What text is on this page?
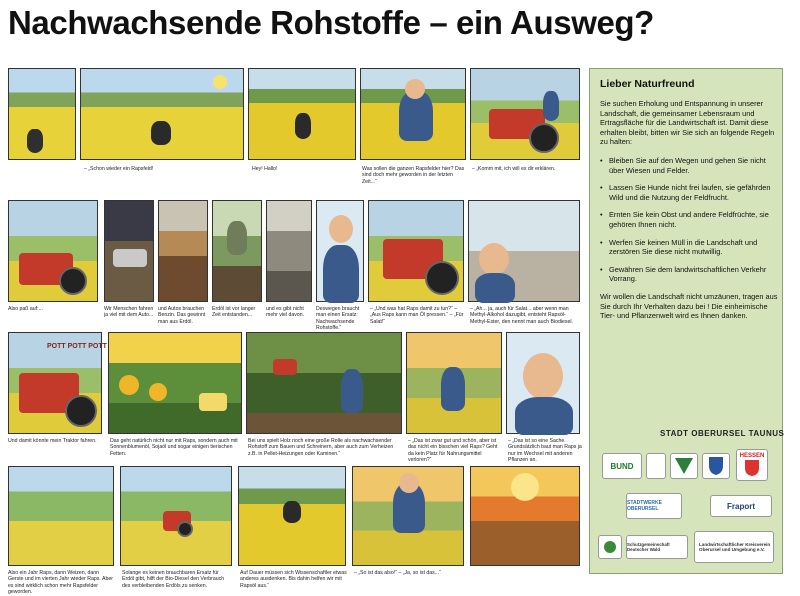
Nachwachsende Rohstoffe – ein Ausweg?
– „Schon wieder ein Rapsfeld!	Hey! Hallo!	Was sollen die ganzen Rapsfelder hier? Das sind doch mehr geworden in der letzten Zeit...“
– „Komm mit, ich will es dir erklären.
Also paß auf:...	Wir Menschen fahren ja viel mit dem Auto...
und Autos brauchen Benzin. Das gewinnt man aus Erdöl.
Erdöl ist vor langer Zeit entstanden...
und es gibt nicht mehr viel davon.
Deswegen braucht man einen Ersatz: Nachwachsende Rohstoffe.“
– „Und was hat Raps damit zu tun?“ – „Aus Raps kann man Öl pressen.“ – „Für Salat!“
– „Ah... ja, auch für Salat... aber wenn man Methyl-Alkohol dazugibt, entsteht Rapsöl-Methyl-Ester, den nennt man auch Biodiesel.
POTT POTT POTT
Und damit könnte mein Traktor fahren.	Das geht natürlich nicht nur mit Raps, sondern auch mit Sonnenblumenöl, Sojaöl und sogar einigen tierischen Fetten.
Bei uns spielt Holz noch eine große Rolle als nachwachsender Rohstoff zum Bauen und Schreinern, aber auch zum Verheizen z.B. in Pellet-Heizungen oder Kaminen.“
– „Das ist zwar gut und schön, aber ist das nicht ein bisschen viel Raps? Geht da kein Platz für Nahrungsmittel verloren?“
– „Das ist so eine Sache. Grundsätzlich baut man Raps ja nur im Wechsel mit anderen Pflanzen an.
Also ein Jahr Raps, dann Weizen, dann Gerste und im vierten Jahr wieder Raps. Aber es sind wirklich schon mehr Rapsfelder geworden.
Solange es keinen brauchbaren Ersatz für Erdöl gibt, hilft der Bio-Diesel den Verbrauch des verbleibenden Erdöls zu senken.
Auf Dauer müssen sich Wissenschaftler etwas anderes ausdenken. Bis dahin helfen wir mit Rapsöl aus.“
– „So ist das also!“ – „Ja, so ist das...“
Lieber Naturfreund

Sie suchen Erholung und Entspannung in unserer Landschaft, die gemeinsamer Lebensraum und Ertragsfläche für die Landwirtschaft ist. Damit diese erhalten bleibt, bitten wir Sie sich an folgende Regeln zu halten:

• Bleiben Sie auf den Wegen und gehen Sie nicht über Wiesen und Felder.
• Lassen Sie Hunde nicht frei laufen, sie gefährden Wild und die Nutzung der Feldfrucht.
• Ernten Sie kein Obst und andere Feldfrüchte, sie gehören Ihnen nicht.
• Werfen Sie keinen Müll in die Landschaft und zerstören Sie diese nicht mutwillig.
• Gewähren Sie dem landwirtschaftlichen Verkehr Vorrang.

Wir wollen die Landschaft nicht umzäunen, tragen aus Sie durch Ihr Verhalten dazu bei ! Die einheimische Tier- und Pflanzenwelt wird es Ihnen danken.

STADT OBERURSEL TAUNUS
BUND
HESSEN
STADTWERKE OBERURSEL	Fraport
Schutzgemeinschaft Deutscher Wald
Landwirtschaftlicher Kreisverein Oberursel und Umgebung e.V.
